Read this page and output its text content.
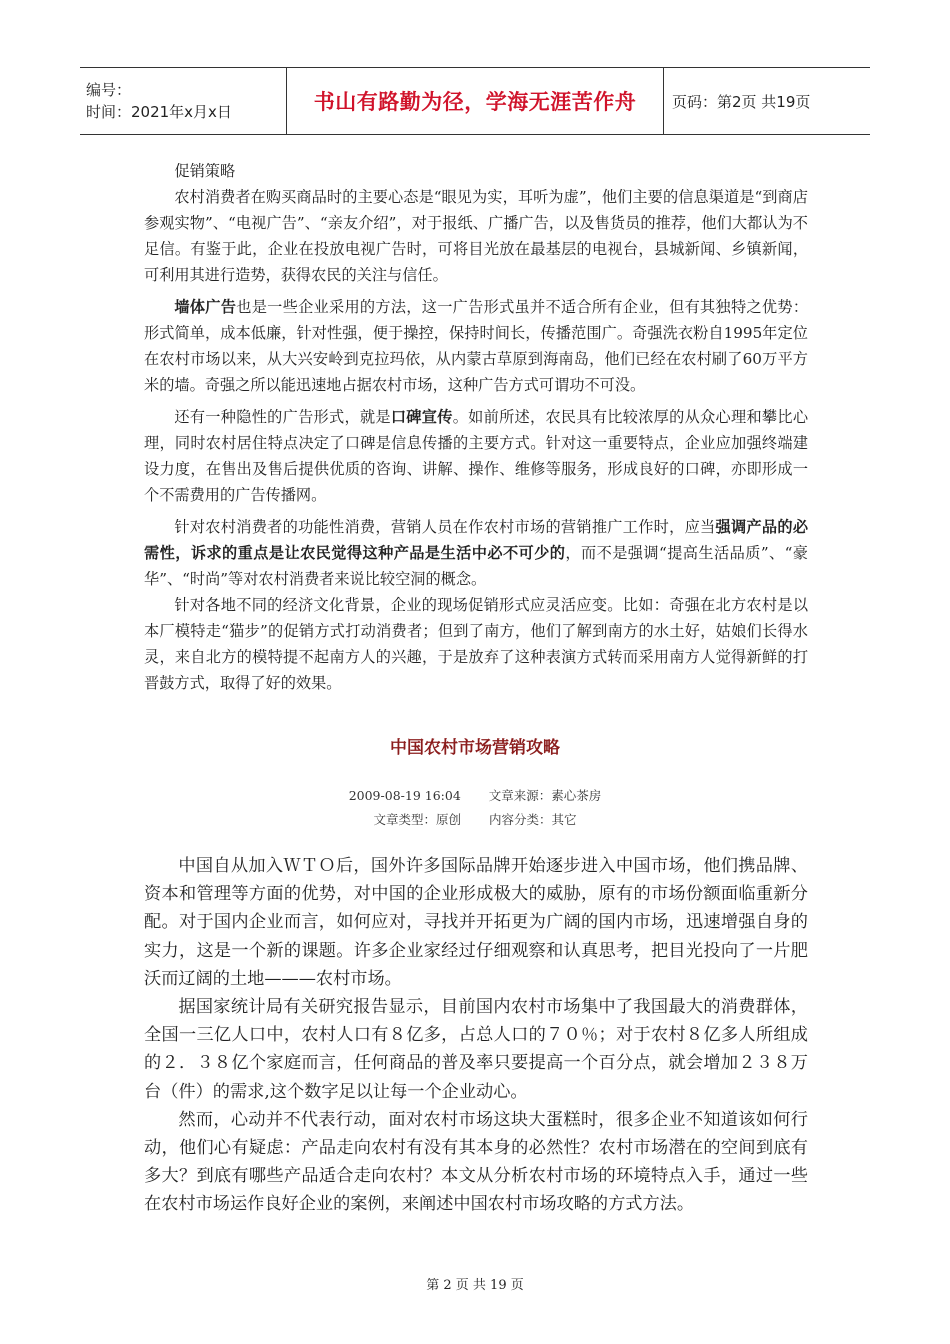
编号：
时间：2021年x月x日	书山有路勤为径，学海无涯苦作舟	页码：第2页 共19页

促销策略

农村消费者在购买商品时的主要心态是“眼见为实，耳听为虚”，他们主要的信息渠道是“到商店参观实物”、“电视广告”、“亲友介绍”，对于报纸、广播广告，以及售货员的推荐，他们大都认为不足信。有鉴于此，企业在投放电视广告时，可将目光放在最基层的电视台，县城新闻、乡镇新闻，可利用其进行造势，获得农民的关注与信任。

墙体广告也是一些企业采用的方法，这一广告形式虽并不适合所有企业，但有其独特之优势：形式简单，成本低廉，针对性强，便于操控，保持时间长，传播范围广。奇强洗衣粉自1995年定位在农村市场以来，从大兴安岭到克拉玛依，从内蒙古草原到海南岛，他们已经在农村刷了60万平方米的墙。奇强之所以能迅速地占据农村市场，这种广告方式可谓功不可没。

还有一种隐性的广告形式，就是口碑宣传。如前所述，农民具有比较浓厚的从众心理和攀比心理，同时农村居住特点决定了口碑是信息传播的主要方式。针对这一重要特点，企业应加强终端建设力度，在售出及售后提供优质的咨询、讲解、操作、维修等服务，形成良好的口碑，亦即形成一个不需费用的广告传播网。

针对农村消费者的功能性消费，营销人员在作农村市场的营销推广工作时，应当强调产品的必需性，诉求的重点是让农民觉得这种产品是生活中必不可少的，而不是强调“提高生活品质”、“豪华”、“时尚”等对农村消费者来说比较空洞的概念。

针对各地不同的经济文化背景，企业的现场促销形式应灵活应变。比如：奇强在北方农村是以本厂模特走“猫步”的促销方式打动消费者；但到了南方，他们了解到南方的水土好，姑娘们长得水灵，来自北方的模特提不起南方人的兴趣，于是放弃了这种表演方式转而采用南方人觉得新鲜的打晋鼓方式，取得了好的效果。

中国农村市场营销攻略
2009-08-19 16:04 文章来源：素心茶房
文章类型：原创 内容分类：其它

中国自从加入ＷＴＯ后，国外许多国际品牌开始逐步进入中国市场，他们携品牌、资本和管理等方面的优势，对中国的企业形成极大的威胁，原有的市场份额面临重新分配。对于国内企业而言，如何应对，寻找并开拓更为广阔的国内市场，迅速增强自身的实力，这是一个新的课题。许多企业家经过仔细观察和认真思考，把目光投向了一片肥沃而辽阔的土地———农村市场。

据国家统计局有关研究报告显示，目前国内农村市场集中了我国最大的消费群体，全国一三亿人口中，农村人口有８亿多，占总人口的７０％；对于农村８亿多人所组成的２．３８亿个家庭而言，任何商品的普及率只要提高一个百分点，就会增加２３８万台（件）的需求,这个数字足以让每一个企业动心。

然而，心动并不代表行动，面对农村市场这块大蛋糕时，很多企业不知道该如何行动，他们心有疑虑：产品走向农村有没有其本身的必然性？农村市场潜在的空间到底有多大？到底有哪些产品适合走向农村？本文从分析农村市场的环境特点入手，通过一些在农村市场运作良好企业的案例，来阐述中国农村市场攻略的方式方法。

第 2 页 共 19 页
